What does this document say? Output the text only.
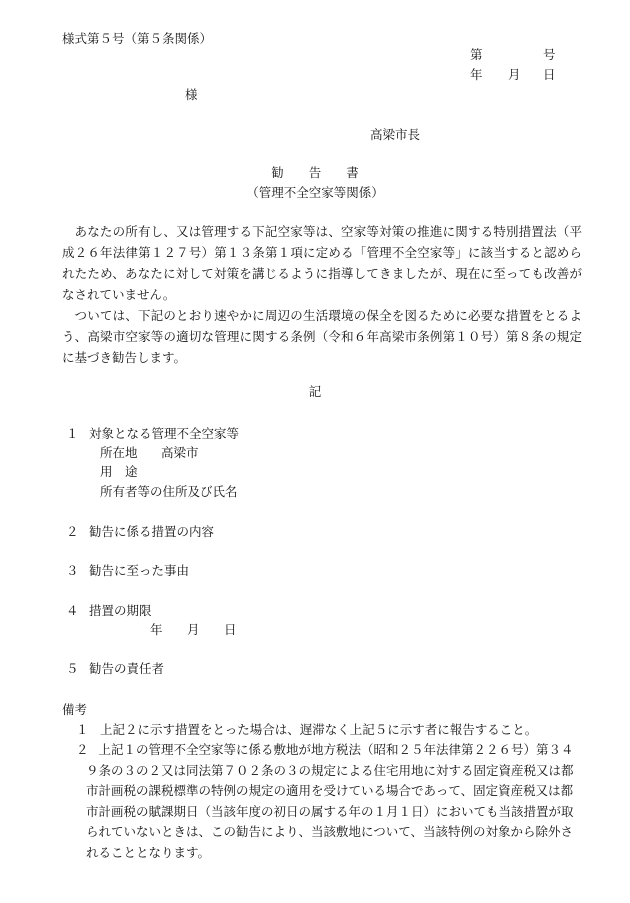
様式第５号（第５条関係）
第	号
年 月 日
様
高梁市長
勧　　告　　書
（管理不全空家等関係）
あなたの所有し、又は管理する下記空家等は、空家等対策の推進に関する特別措置法（平成２６年法律第１２７号）第１３条第１項に定める「管理不全空家等」に該当すると認められたため、あなたに対して対策を講じるように指導してきましたが、現在に至っても改善がなされていません。
ついては、下記のとおり速やかに周辺の生活環境の保全を図るために必要な措置をとるよう、高梁市空家等の適切な管理に関する条例（令和６年高梁市条例第１０号）第８条の規定に基づき勧告します。
記
１ 対象となる管理不全空家等
所在地 高梁市
用　途
所有者等の住所及び氏名
２ 勧告に係る措置の内容
３ 勧告に至った事由
４ 措置の期限
年 月 日
５ 勧告の責任者
備考
１ 上記２に示す措置をとった場合は、遅滞なく上記５に示す者に報告すること。
２ 上記１の管理不全空家等に係る敷地が地方税法（昭和２５年法律第２２６号）第３４９条の３の２又は同法第７０２条の３の規定による住宅用地に対する固定資産税又は都市計画税の課税標準の特例の規定の適用を受けている場合であって、固定資産税又は都市計画税の賦課期日（当該年度の初日の属する年の１月１日）においても当該措置が取られていないときは、この勧告により、当該敷地について、当該特例の対象から除外されることとなります。
